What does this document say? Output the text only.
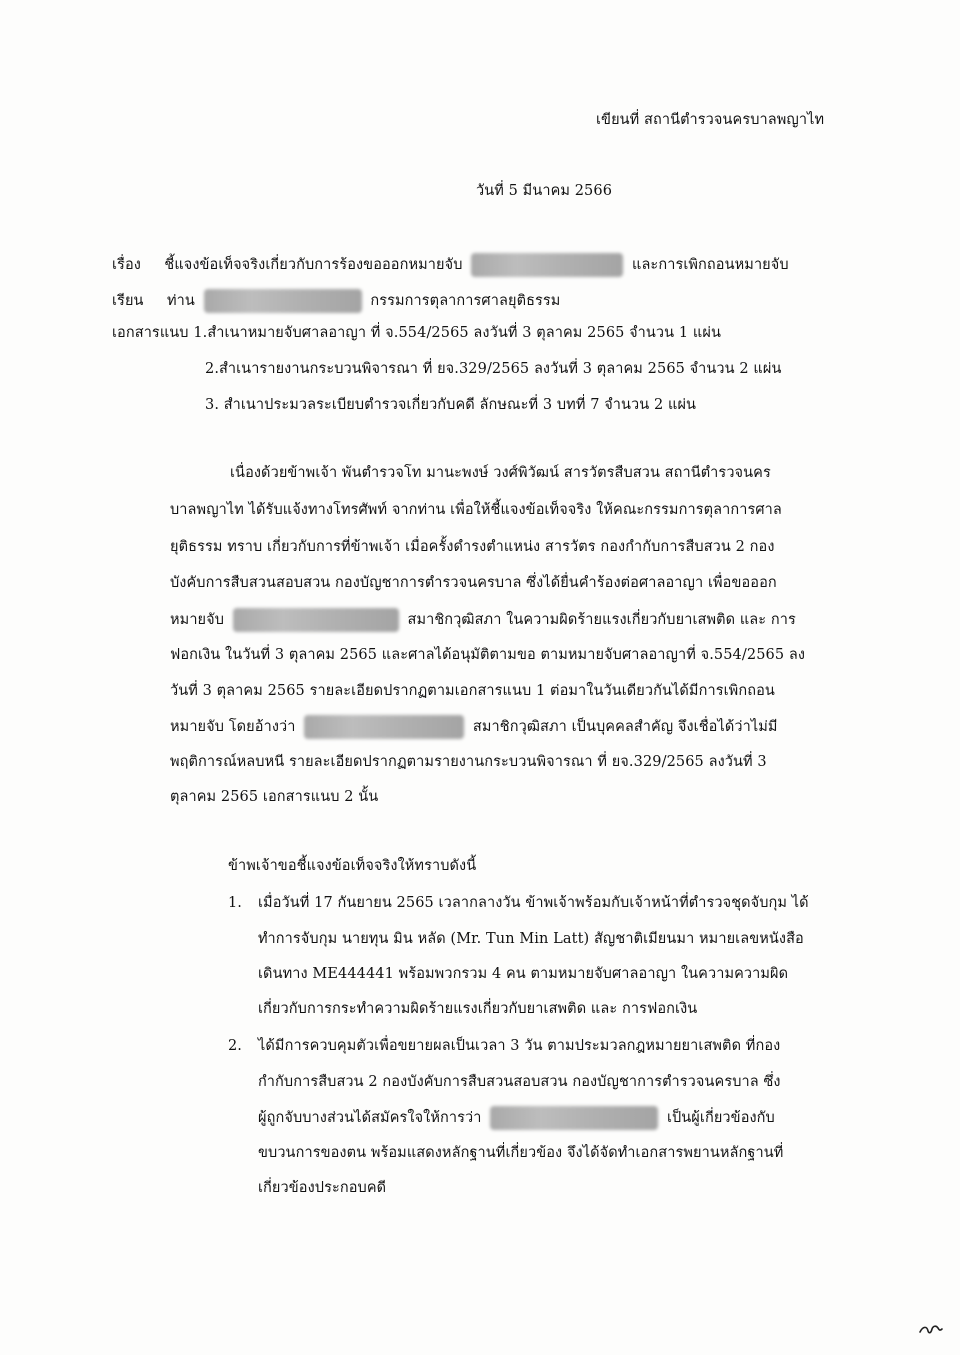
เขียนที่ สถานีตำรวจนครบาลพญาไท
วันที่ 5 มีนาคม 2566
เรื่อง ชี้แจงข้อเท็จจริงเกี่ยวกับการร้องขอออกหมายจับ	และการเพิกถอนหมายจับ
เรียน ท่าน	กรรมการตุลาการศาลยุติธรรม
เอกสารแนบ 1.สำเนาหมายจับศาลอาญา ที่ จ.554/2565 ลงวันที่ 3 ตุลาคม 2565 จำนวน 1 แผ่น
2.สำเนารายงานกระบวนพิจารณา ที่ ยจ.329/2565 ลงวันที่ 3 ตุลาคม 2565 จำนวน 2 แผ่น
3. สำเนาประมวลระเบียบตำรวจเกี่ยวกับคดี ลักษณะที่ 3 บทที่ 7 จำนวน 2 แผ่น
เนื่องด้วยข้าพเจ้า พันตำรวจโท มานะพงษ์ วงศ์พิวัฒน์ สารวัตรสืบสวน สถานีตำรวจนคร
บาลพญาไท ได้รับแจ้งทางโทรศัพท์ จากท่าน เพื่อให้ชี้แจงข้อเท็จจริง ให้คณะกรรมการตุลาการศาล
ยุติธรรม ทราบ เกี่ยวกับการที่ข้าพเจ้า เมื่อครั้งดำรงตำแหน่ง สารวัตร กองกำกับการสืบสวน 2 กอง
บังคับการสืบสวนสอบสวน กองบัญชาการตำรวจนครบาล ซึ่งได้ยื่นคำร้องต่อศาลอาญา เพื่อขอออก
หมายจับ	สมาชิกวุฒิสภา ในความผิดร้ายแรงเกี่ยวกับยาเสพติด และ การ
ฟอกเงิน ในวันที่ 3 ตุลาคม 2565 และศาลได้อนุมัติตามขอ ตามหมายจับศาลอาญาที่ จ.554/2565 ลง
วันที่ 3 ตุลาคม 2565 รายละเอียดปรากฏตามเอกสารแนบ 1 ต่อมาในวันเดียวกันได้มีการเพิกถอน
หมายจับ โดยอ้างว่า	สมาชิกวุฒิสภา เป็นบุคคลสำคัญ จึงเชื่อได้ว่าไม่มี
พฤติการณ์หลบหนี รายละเอียดปรากฏตามรายงานกระบวนพิจารณา ที่ ยจ.329/2565 ลงวันที่ 3
ตุลาคม 2565 เอกสารแนบ 2 นั้น
ข้าพเจ้าขอชี้แจงข้อเท็จจริงให้ทราบดังนี้
1. เมื่อวันที่ 17 กันยายน 2565 เวลากลางวัน ข้าพเจ้าพร้อมกับเจ้าหน้าที่ตำรวจชุดจับกุม ได้
ทำการจับกุม นายทุน มิน หลัด (Mr. Tun Min Latt) สัญชาติเมียนมา หมายเลขหนังสือ
เดินทาง ME444441 พร้อมพวกรวม 4 คน ตามหมายจับศาลอาญา ในความความผิด
เกี่ยวกับการกระทำความผิดร้ายแรงเกี่ยวกับยาเสพติด และ การฟอกเงิน
2. ได้มีการควบคุมตัวเพื่อขยายผลเป็นเวลา 3 วัน ตามประมวลกฎหมายยาเสพติด ที่กอง
กำกับการสืบสวน 2 กองบังคับการสืบสวนสอบสวน กองบัญชาการตำรวจนครบาล ซึ่ง
ผู้ถูกจับบางส่วนได้สมัครใจให้การว่า	เป็นผู้เกี่ยวข้องกับ
ขบวนการของตน พร้อมแสดงหลักฐานที่เกี่ยวข้อง จึงได้จัดทำเอกสารพยานหลักฐานที่
เกี่ยวข้องประกอบคดี
